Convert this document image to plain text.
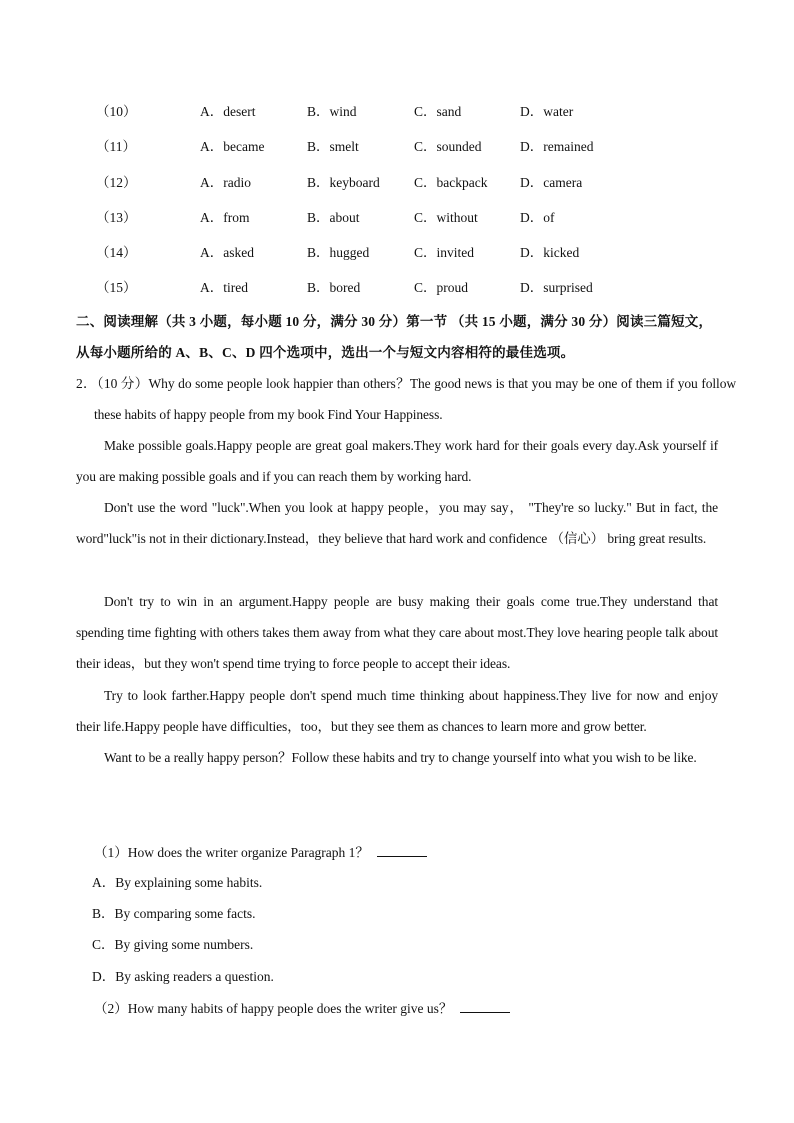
（10）	A．desert	B．wind	C．sand	D．water
（11）	A．became	B．smelt	C．sounded	D．remained
（12）	A．radio	B．keyboard	C．backpack D．camera
（13）	A．from	B．about	C．without	D．of
（14）	A．asked	B．hugged	C．invited	D．kicked
（15）	A．tired	B．bored	C．proud	D．surprised
二、阅读理解（共 3 小题，每小题 10 分，满分 30 分）第一节 （共 15 小题，满分 30 分）阅读三篇短文，从每小题所给的 A、B、C、D 四个选项中，选出一个与短文内容相符的最佳选项。
2．（10 分）Why do some people look happier than others？The good news is that you may be one of them if you follow these habits of happy people from my book Find Your Happiness.
Make possible goals.Happy people are great goal makers.They work hard for their goals every day.Ask yourself if you are making possible goals and if you can reach them by working hard.
Don't use the word "luck".When you look at happy people，you may say， "They're so lucky." But in fact, the word"luck"is not in their dictionary.Instead，they believe that hard work and confidence （信心） bring great results.
Don't try to win in an argument.Happy people are busy making their goals come true.They understand that spending time fighting with others takes them away from what they care about most.They love hearing people talk about their ideas，but they won't spend time trying to force people to accept their ideas.
Try to look farther.Happy people don't spend much time thinking about happiness.They live for now and enjoy their life.Happy people have difficulties，too，but they see them as chances to learn more and grow better.
Want to be a really happy person？Follow these habits and try to change yourself into what you wish to be like.
（1）How does the writer organize Paragraph 1？
A．By explaining some habits.
B．By comparing some facts.
C．By giving some numbers.
D．By asking readers a question.
（2）How many habits of happy people does the writer give us？
